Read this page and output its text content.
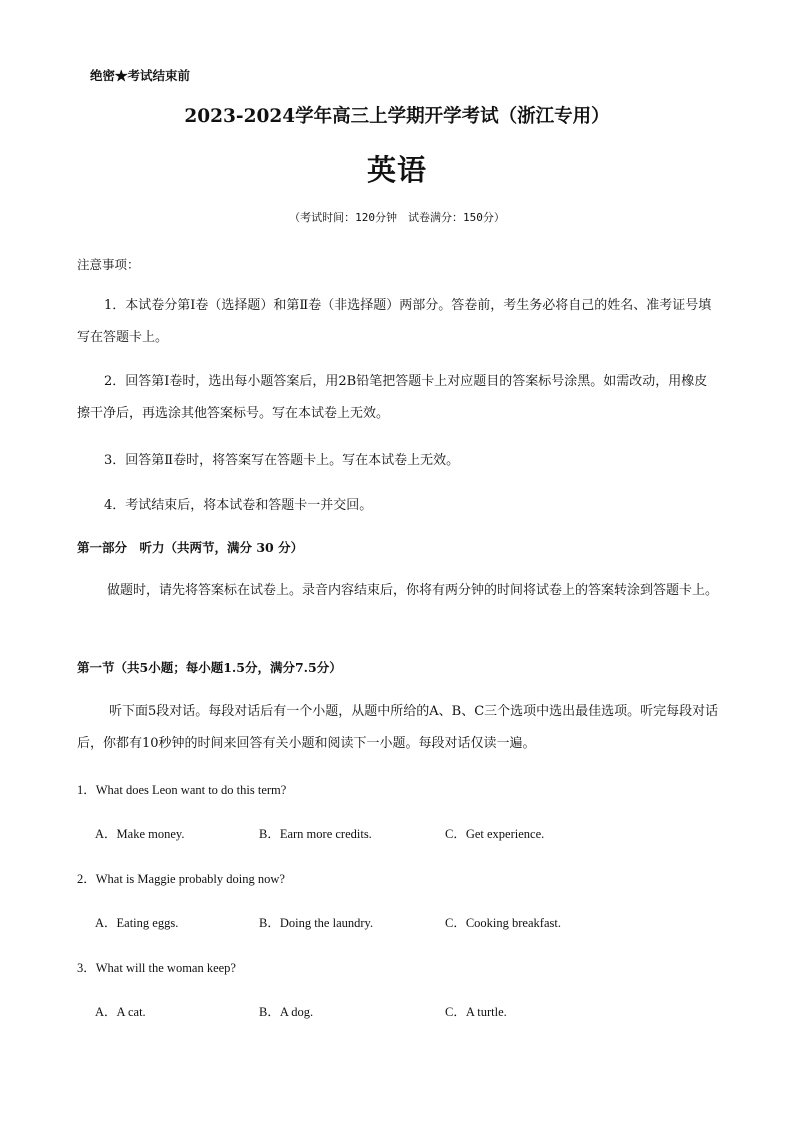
绝密★考试结束前
2023-2024学年高三上学期开学考试（浙江专用）
英语
（考试时间：120分钟　试卷满分：150分）
注意事项：
1．本试卷分第Ⅰ卷（选择题）和第Ⅱ卷（非选择题）两部分。答卷前，考生务必将自己的姓名、准考证号填写在答题卡上。
2．回答第Ⅰ卷时，选出每小题答案后，用2B铅笔把答题卡上对应题目的答案标号涂黑。如需改动，用橡皮擦干净后，再选涂其他答案标号。写在本试卷上无效。
3．回答第Ⅱ卷时，将答案写在答题卡上。写在本试卷上无效。
4．考试结束后，将本试卷和答题卡一并交回。
第一部分　听力（共两节，满分 30 分）
做题时，请先将答案标在试卷上。录音内容结束后，你将有两分钟的时间将试卷上的答案转涂到答题卡上。
第一节（共5小题；每小题1.5分，满分7.5分）
听下面5段对话。每段对话后有一个小题，从题中所给的A、B、C三个选项中选出最佳选项。听完每段对话后，你都有10秒钟的时间来回答有关小题和阅读下一小题。每段对话仅读一遍。
1．What does Leon want to do this term?
A．Make money.	B．Earn more credits.	C．Get experience.
2．What is Maggie probably doing now?
A．Eating eggs.	B．Doing the laundry.	C．Cooking breakfast.
3．What will the woman keep?
A．A cat.	B．A dog.	C．A turtle.
